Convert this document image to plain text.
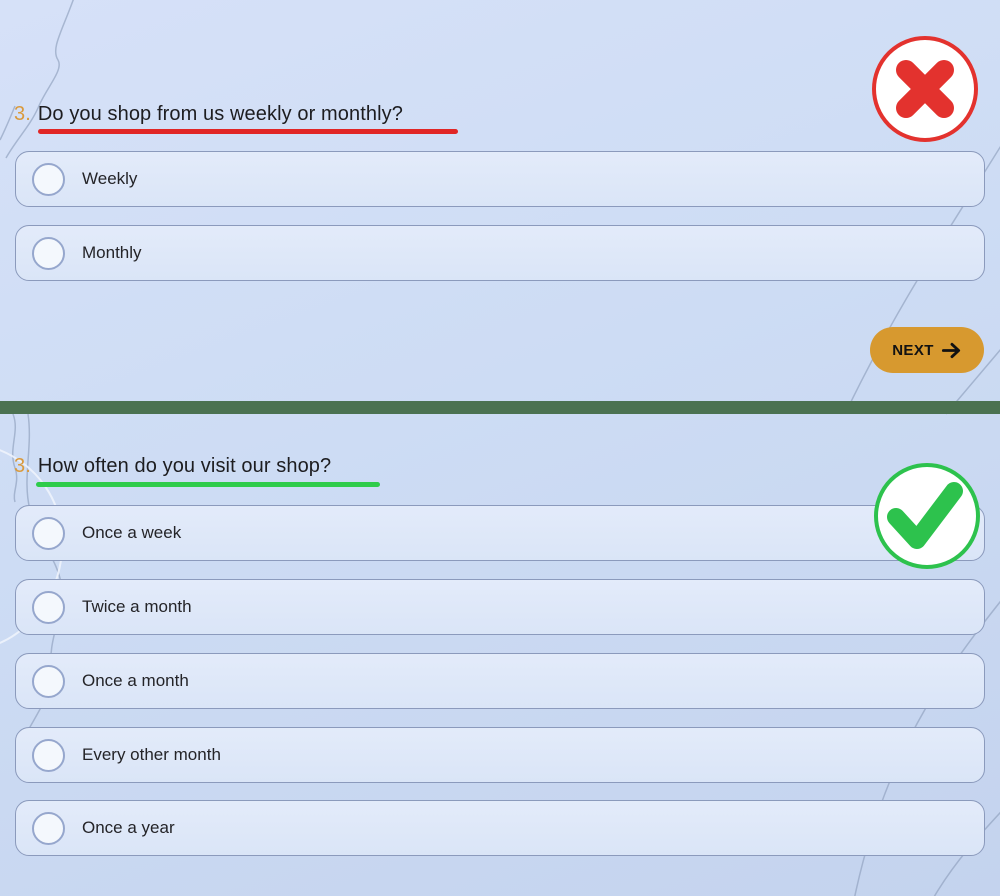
3. Do you shop from us weekly or monthly?
Weekly
Monthly
NEXT
3. How often do you visit our shop?
Once a week
Twice a month
Once a month
Every other month
Once a year
